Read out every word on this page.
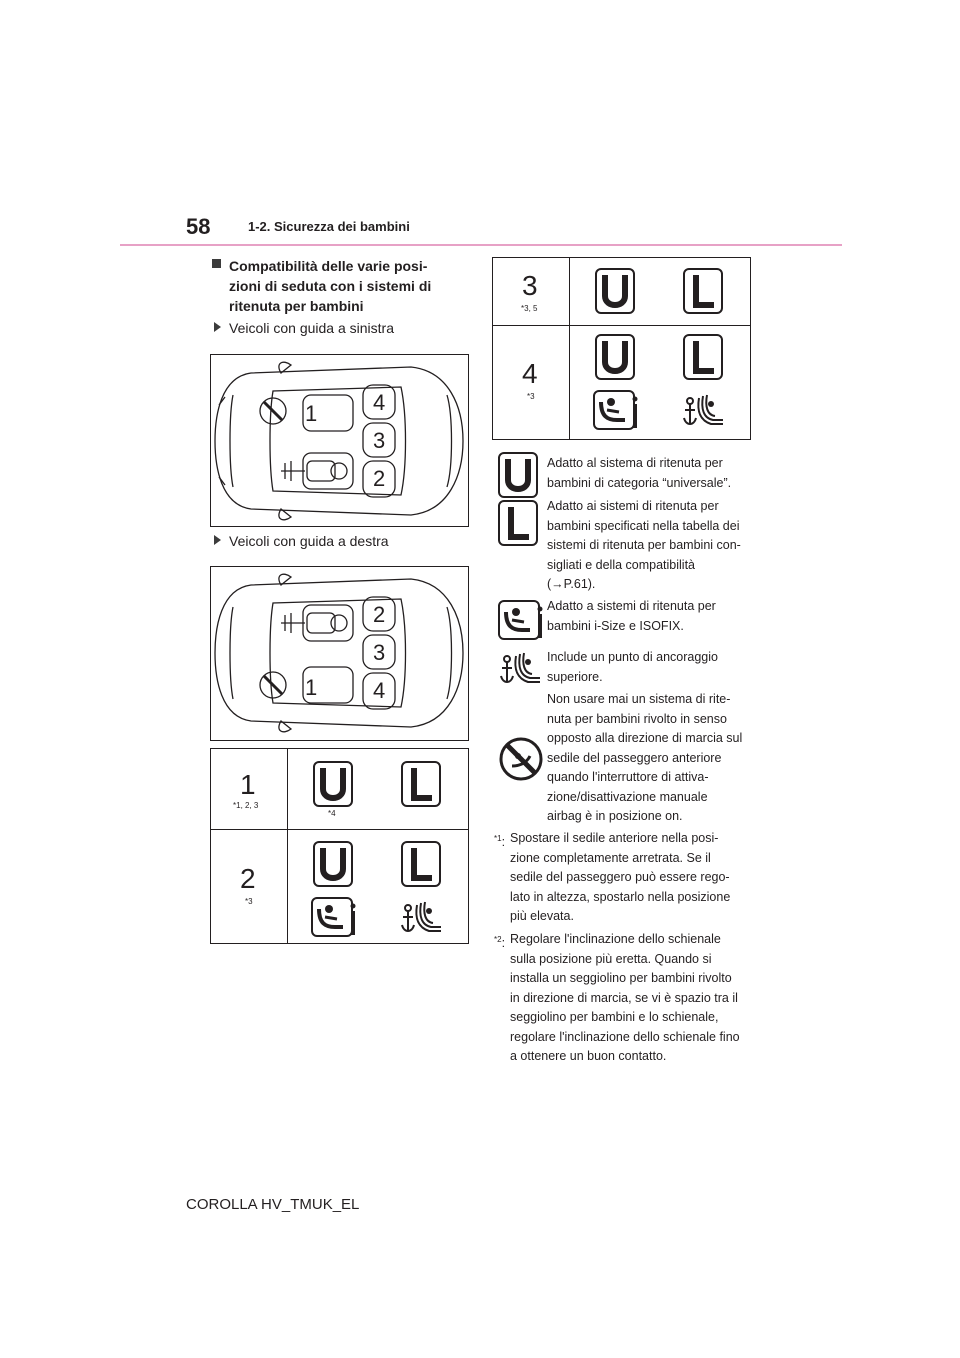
58	1-2. Sicurezza dei bambini
Compatibilità delle varie posi-
zioni di seduta con i sistemi di
ritenuta per bambini
Veicoli con guida a sinistra
1	4
3
2
Veicoli con guida a destra
1
2
3
4
1
*1, 2, 3
*4
2
*3
3
*3, 5
4
*3
Adatto al sistema di ritenuta per
bambini di categoria “universale”.
Adatto ai sistemi di ritenuta per
bambini specificati nella tabella dei
sistemi di ritenuta per bambini con-
sigliati e della compatibilità
(→P.61).
Adatto a sistemi di ritenuta per
bambini i-Size e ISOFIX.
Include un punto di ancoraggio
superiore.
Non usare mai un sistema di rite-
nuta per bambini rivolto in senso
opposto alla direzione di marcia sul
sedile del passeggero anteriore
quando l'interruttore di attiva-
zione/disattivazione manuale
airbag è in posizione on.
$^{*1}$: Spostare il sedile anteriore nella posi-
zione completamente arretrata. Se il
sedile del passeggero può essere rego-
lato in altezza, spostarlo nella posizione
più elevata.
$^{*2}$: Regolare l'inclinazione dello schienale
sulla posizione più eretta. Quando si
installa un seggiolino per bambini rivolto
in direzione di marcia, se vi è spazio tra il
seggiolino per bambini e lo schienale,
regolare l'inclinazione dello schienale fino
a ottenere un buon contatto.
COROLLA HV_TMUK_EL
